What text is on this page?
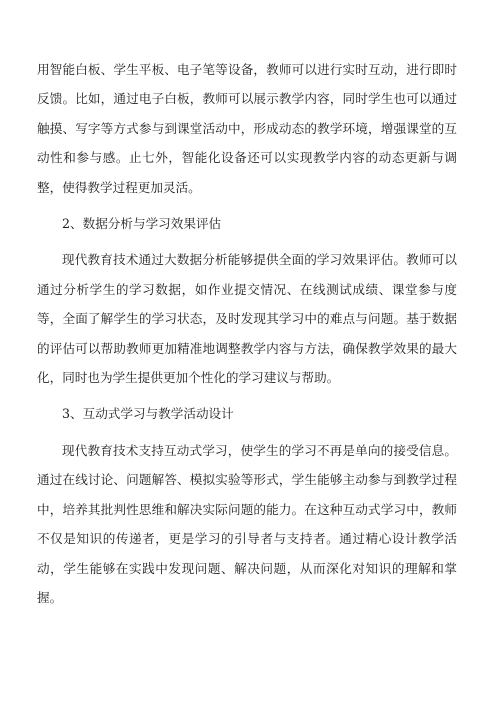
用智能白板、学生平板、电子笔等设备，教师可以进行实时互动，进行即时反馈。比如，通过电子白板，教师可以展示教学内容，同时学生也可以通过触摸、写字等方式参与到课堂活动中，形成动态的教学环境，增强课堂的互动性和参与感。止七外，智能化设备还可以实现教学内容的动态更新与调整，使得教学过程更加灵活。

2、数据分析与学习效果评估

现代教育技术通过大数据分析能够提供全面的学习效果评估。教师可以通过分析学生的学习数据，如作业提交情况、在线测试成绩、课堂参与度等，全面了解学生的学习状态，及时发现其学习中的难点与问题。基于数据的评估可以帮助教师更加精准地调整教学内容与方法，确保教学效果的最大化，同时也为学生提供更加个性化的学习建议与帮助。

3、互动式学习与教学活动设计

现代教育技术支持互动式学习，使学生的学习不再是单向的接受信息。通过在线讨论、问题解答、模拟实验等形式，学生能够主动参与到教学过程中，培养其批判性思维和解决实际问题的能力。在这种互动式学习中，教师不仅是知识的传递者，更是学习的引导者与支持者。通过精心设计教学活动，学生能够在实践中发现问题、解决问题，从而深化对知识的理解和掌握。
